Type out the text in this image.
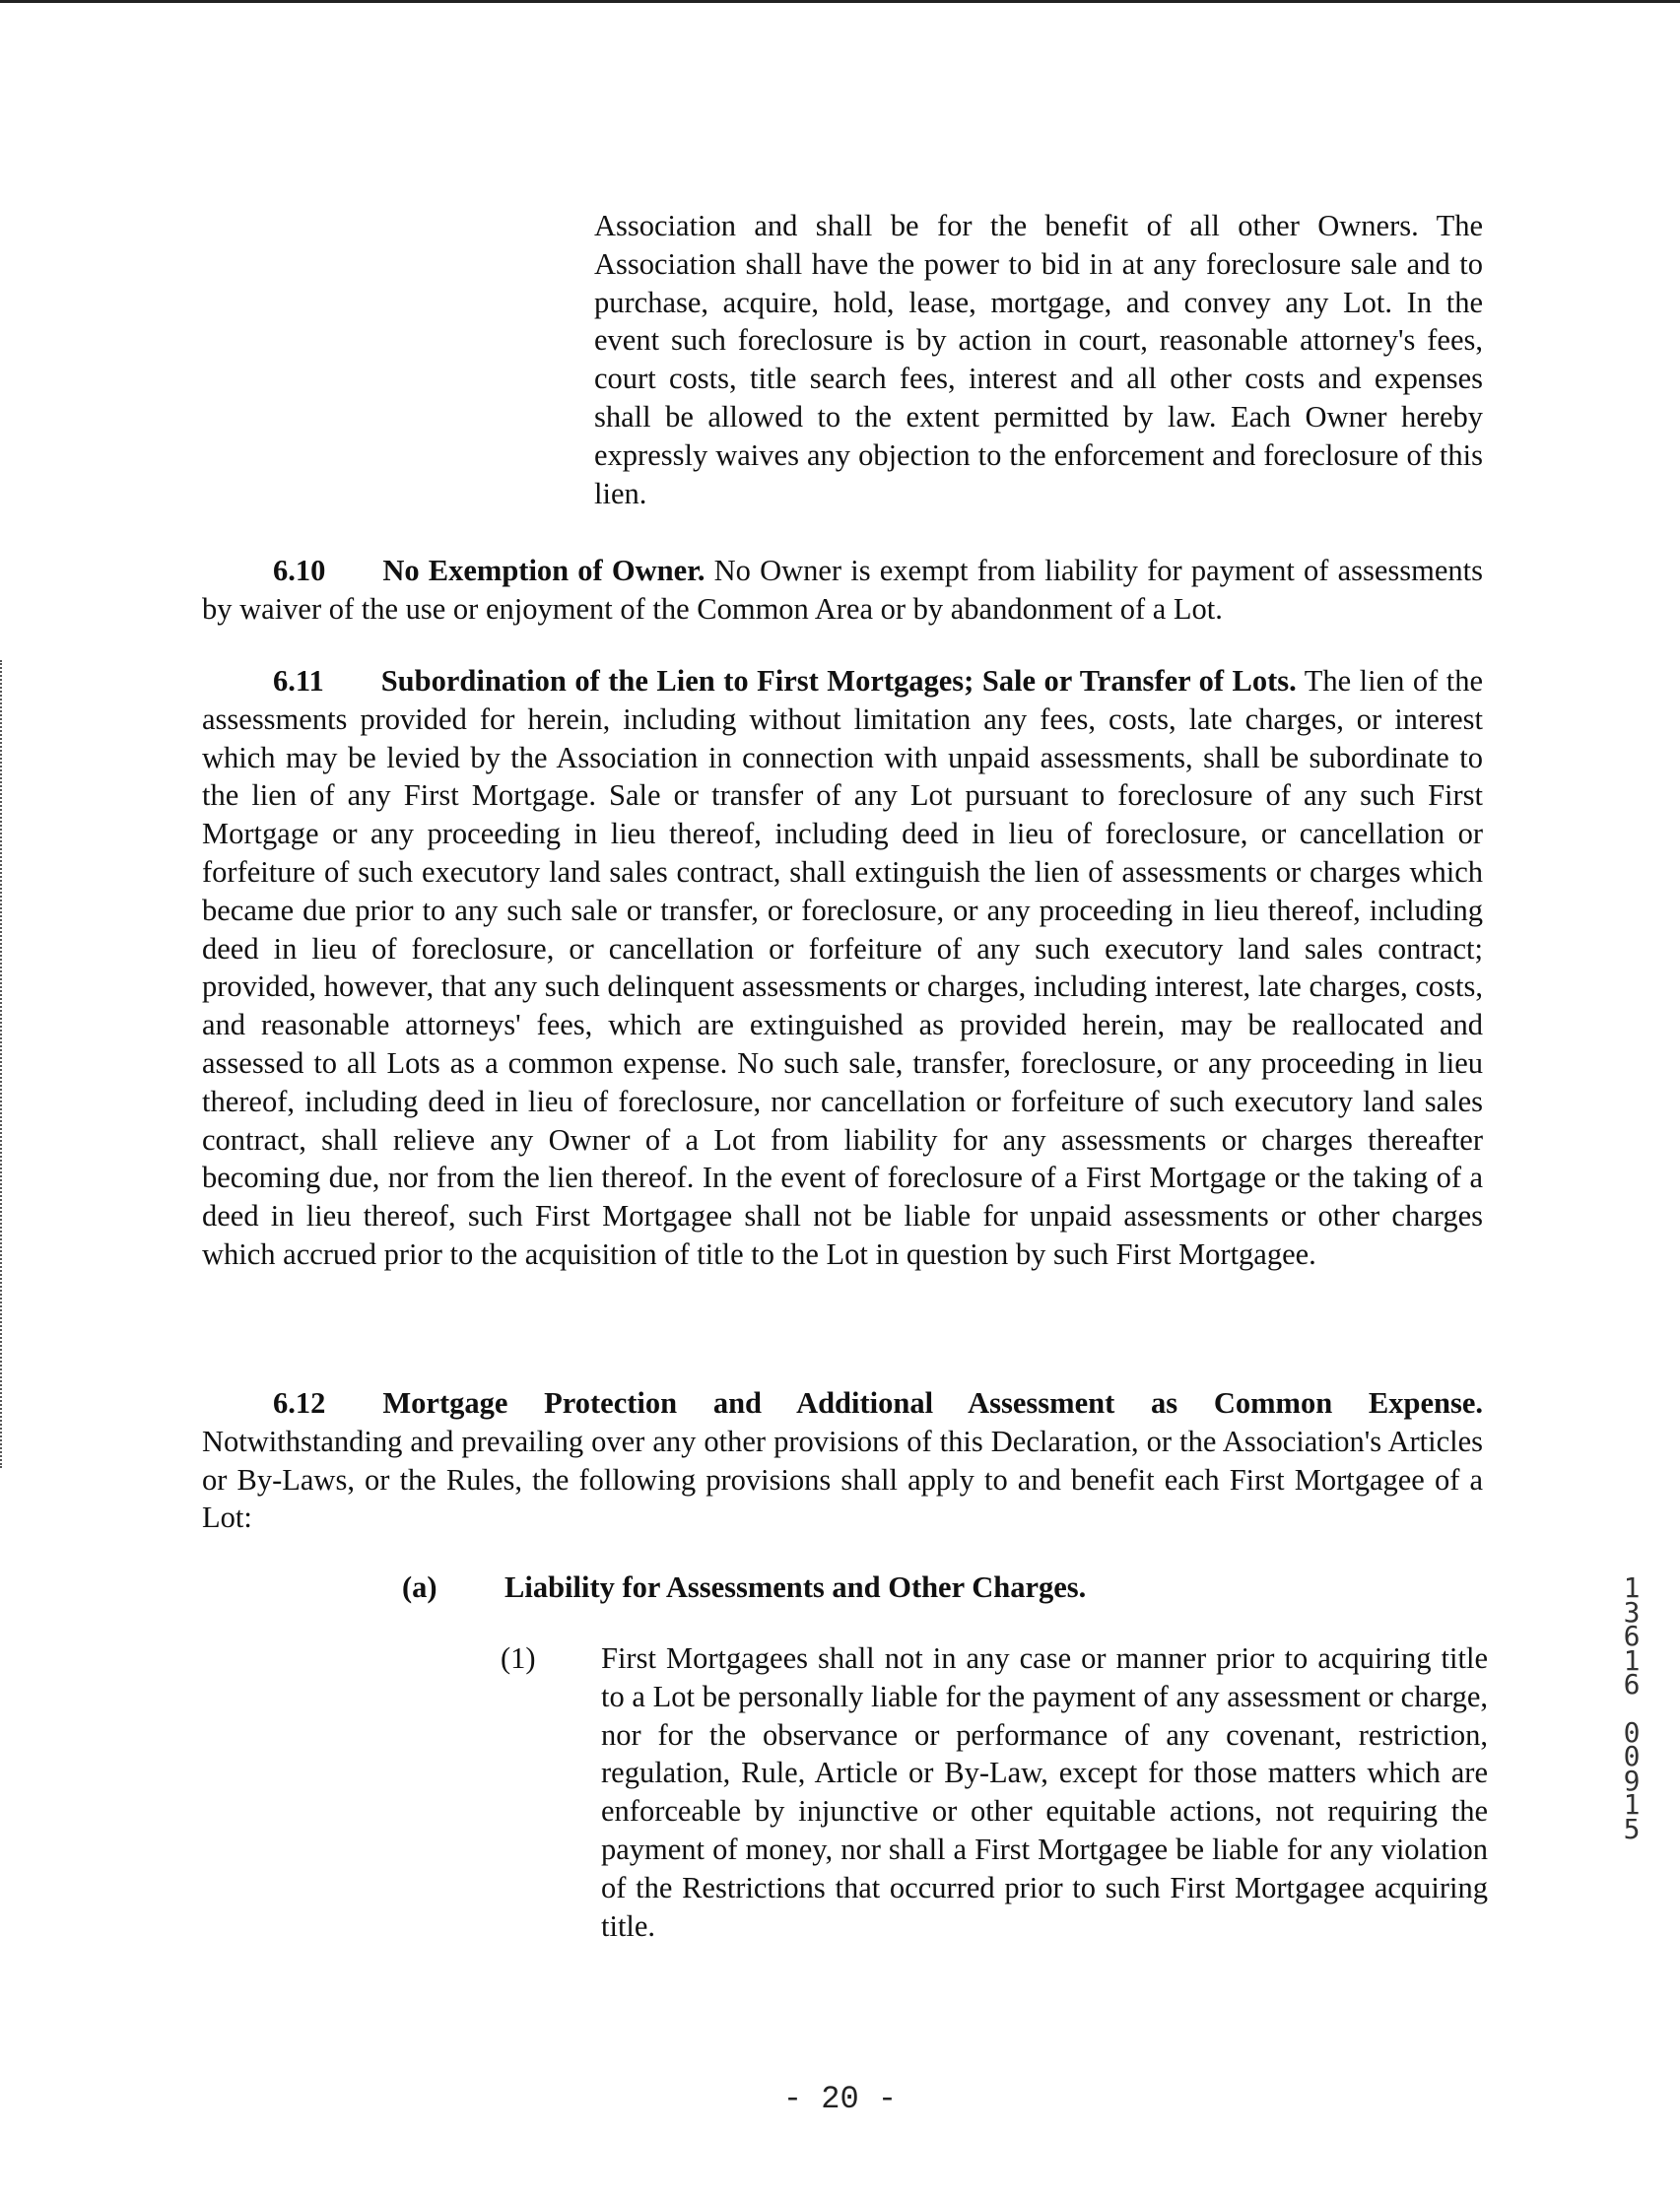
Association and shall be for the benefit of all other Owners. The Association shall have the power to bid in at any foreclosure sale and to purchase, acquire, hold, lease, mortgage, and convey any Lot. In the event such foreclosure is by action in court, reasonable attorney's fees, court costs, title search fees, interest and all other costs and expenses shall be allowed to the extent permitted by law. Each Owner hereby expressly waives any objection to the enforcement and foreclosure of this lien.

6.10 No Exemption of Owner. No Owner is exempt from liability for payment of assessments by waiver of the use or enjoyment of the Common Area or by abandonment of a Lot.

6.11 Subordination of the Lien to First Mortgages; Sale or Transfer of Lots. The lien of the assessments provided for herein, including without limitation any fees, costs, late charges, or interest which may be levied by the Association in connection with unpaid assessments, shall be subordinate to the lien of any First Mortgage. Sale or transfer of any Lot pursuant to foreclosure of any such First Mortgage or any proceeding in lieu thereof, including deed in lieu of foreclosure, or cancellation or forfeiture of such executory land sales contract, shall extinguish the lien of assessments or charges which became due prior to any such sale or transfer, or foreclosure, or any proceeding in lieu thereof, including deed in lieu of foreclosure, or cancellation or forfeiture of any such executory land sales contract; provided, however, that any such delinquent assessments or charges, including interest, late charges, costs, and reasonable attorneys' fees, which are extinguished as provided herein, may be reallocated and assessed to all Lots as a common expense. No such sale, transfer, foreclosure, or any proceeding in lieu thereof, including deed in lieu of foreclosure, nor cancellation or forfeiture of such executory land sales contract, shall relieve any Owner of a Lot from liability for any assessments or charges thereafter becoming due, nor from the lien thereof. In the event of foreclosure of a First Mortgage or the taking of a deed in lieu thereof, such First Mortgagee shall not be liable for unpaid assessments or other charges which accrued prior to the acquisition of title to the Lot in question by such First Mortgagee.

6.12 Mortgage Protection and Additional Assessment as Common Expense. Notwithstanding and prevailing over any other provisions of this Declaration, or the Association's Articles or By-Laws, or the Rules, the following provisions shall apply to and benefit each First Mortgagee of a Lot:

(a) Liability for Assessments and Other Charges.
(1) First Mortgagees shall not in any case or manner prior to acquiring title to a Lot be personally liable for the payment of any assessment or charge, nor for the observance or performance of any covenant, restriction, regulation, Rule, Article or By-Law, except for those matters which are enforceable by injunctive or other equitable actions, not requiring the payment of money, nor shall a First Mortgagee be liable for any violation of the Restrictions that occurred prior to such First Mortgagee acquiring title.
1
3
6
1
6
0
0
9
1
5
- 20 -
